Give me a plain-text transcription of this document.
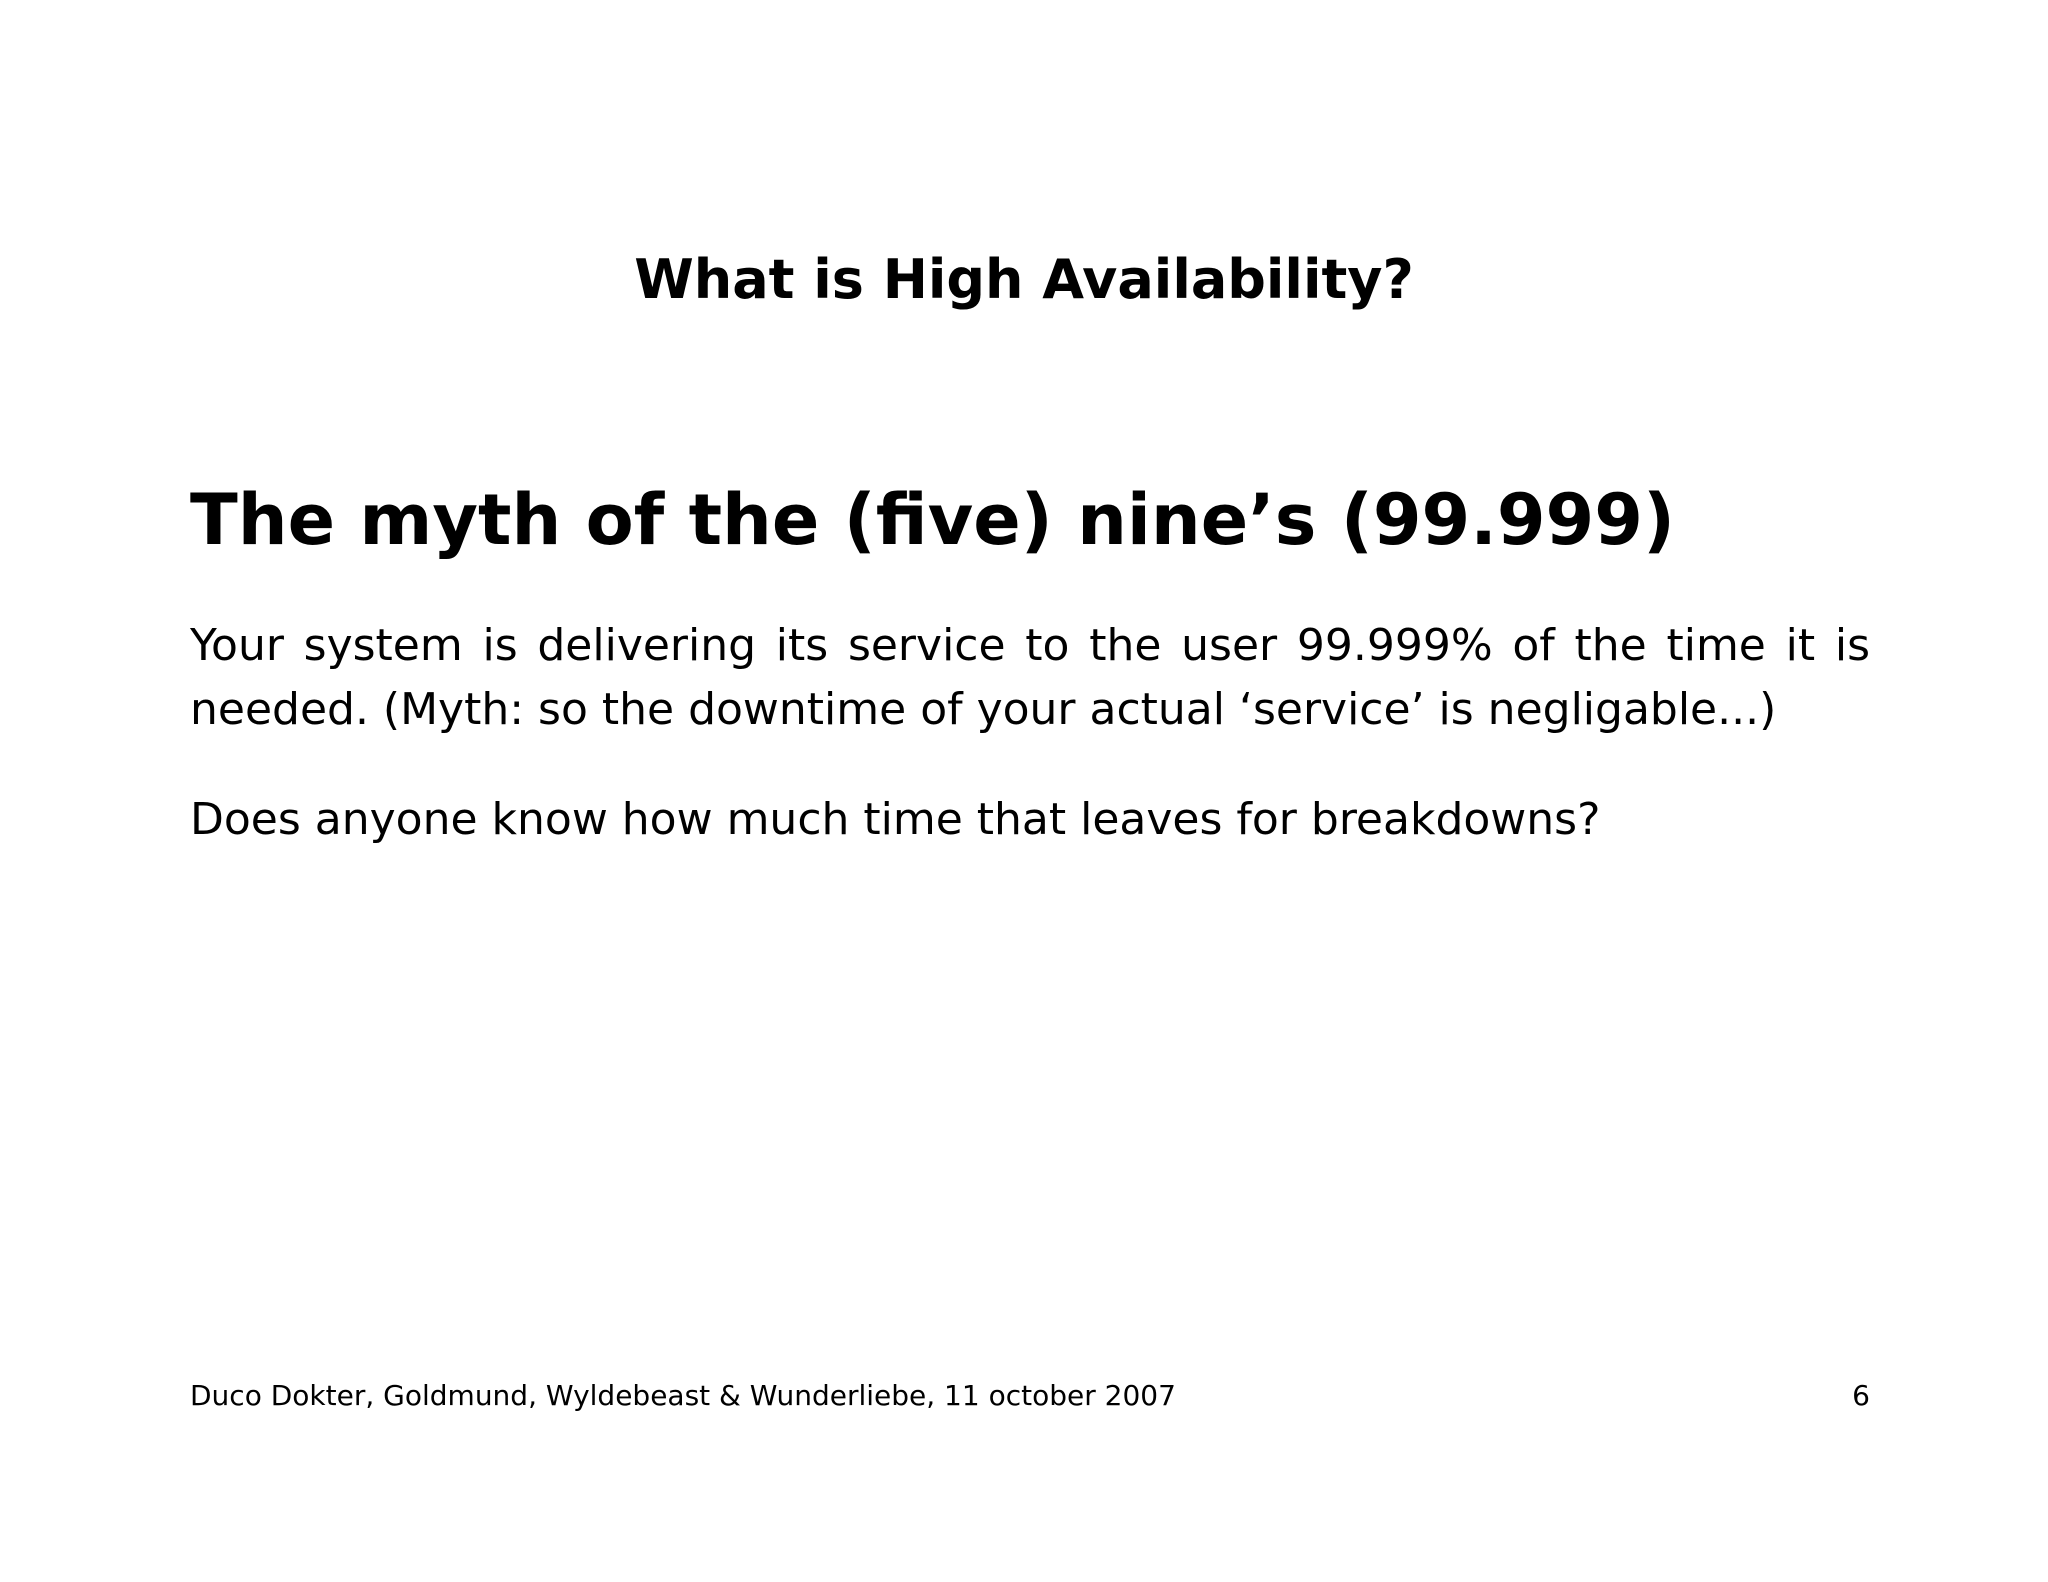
What is High Availability?
The myth of the (five) nine’s (99.999)

Your system is delivering its service to the user 99.999% of the time it is
needed. (Myth: so the downtime of your actual ‘service’ is negligable...)

Does anyone know how much time that leaves for breakdowns?

Duco Dokter, Goldmund, Wyldebeast & Wunderliebe, 11 october 2007	6
